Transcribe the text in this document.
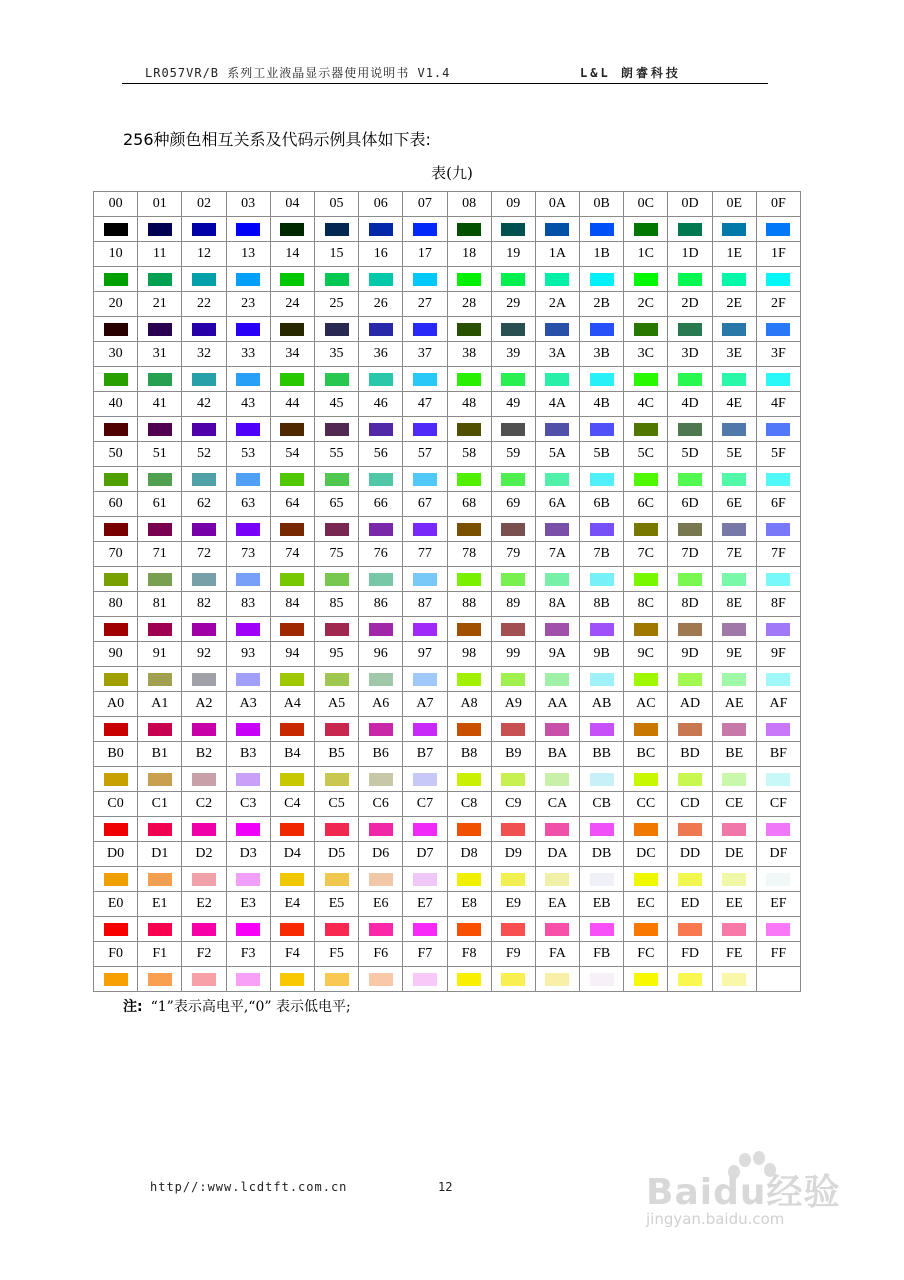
LR057VR/B 系列工业液晶显示器使用说明书 V1.4	L&L 朗睿科技
256种颜色相互关系及代码示例具体如下表:
表(九)
00	01	02	03	04	05	06	07	08	09	0A	0B	0C	0D	0E	0F

10	11	12	13	14	15	16	17	18	19	1A	1B	1C	1D	1E	1F

20	21	22	23	24	25	26	27	28	29	2A	2B	2C	2D	2E	2F

30	31	32	33	34	35	36	37	38	39	3A	3B	3C	3D	3E	3F

40	41	42	43	44	45	46	47	48	49	4A	4B	4C	4D	4E	4F

50	51	52	53	54	55	56	57	58	59	5A	5B	5C	5D	5E	5F

60	61	62	63	64	65	66	67	68	69	6A	6B	6C	6D	6E	6F

70	71	72	73	74	75	76	77	78	79	7A	7B	7C	7D	7E	7F

80	81	82	83	84	85	86	87	88	89	8A	8B	8C	8D	8E	8F

90	91	92	93	94	95	96	97	98	99	9A	9B	9C	9D	9E	9F

A0	A1	A2	A3	A4	A5	A6	A7	A8	A9	AA	AB	AC	AD	AE	AF

B0	B1	B2	B3	B4	B5	B6	B7	B8	B9	BA	BB	BC	BD	BE	BF

C0	C1	C2	C3	C4	C5	C6	C7	C8	C9	CA	CB	CC	CD	CE	CF

D0	D1	D2	D3	D4	D5	D6	D7	D8	D9	DA	DB	DC	DD	DE	DF

E0	E1	E2	E3	E4	E5	E6	E7	E8	E9	EA	EB	EC	ED	EE	EF

F0	F1	F2	F3	F4	F5	F6	F7	F8	F9	FA	FB	FC	FD	FE	FF

注: “1”表示高电平,“0” 表示低电平;
http//:www.lcdtft.com.cn	12	Baidu经验
jingyan.baidu.com
